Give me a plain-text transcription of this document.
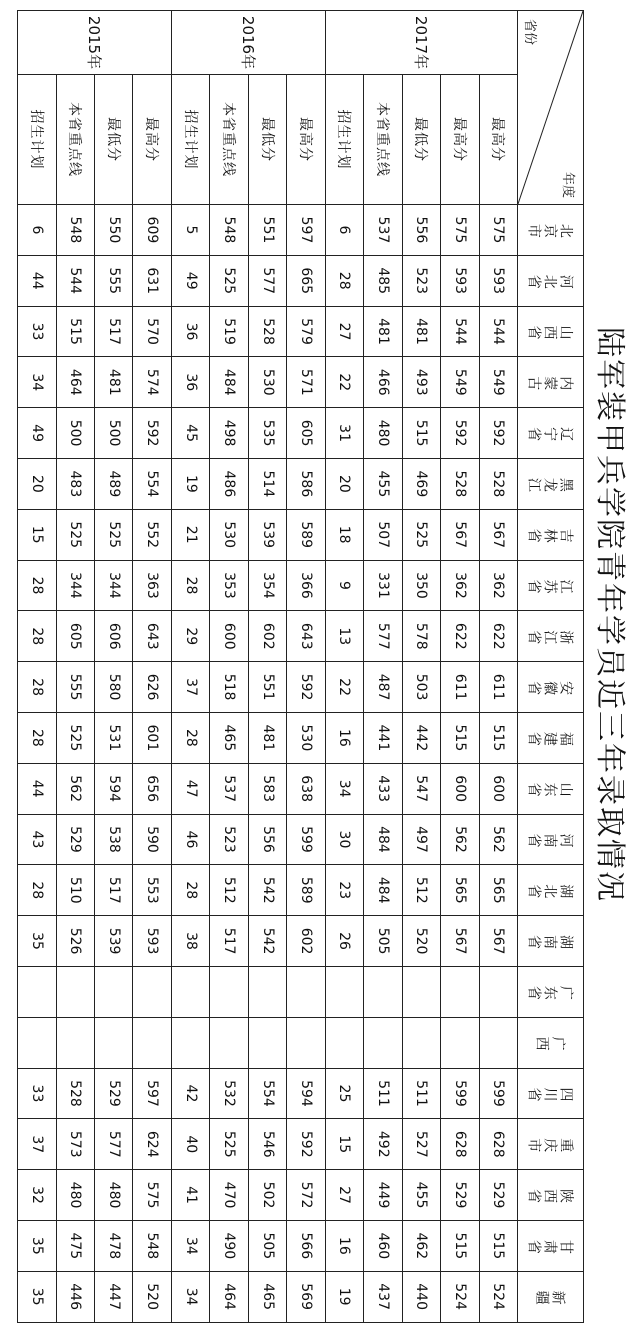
陆军装甲兵学院青年学员近三年录取情况
年度
省份		北京市	河北省	山西省	内蒙古	辽宁省	黑龙江	吉林省	江苏省	浙江省	安徽省	福建省	山东省	河南省	湖北省	湖南省	广东省	广西	四川省	重庆市	陕西省	甘肃省	新疆

2017年	最高分	575	593	544	549	592	528	567	362	622	611	515	600	562	565	567			599	628	529	515	524
	最高分	575	593	544	549	592	528	567	362	622	611	515	600	562	565	567			599	628	529	515	524
	最低分	556	523	481	493	515	469	525	350	578	503	442	547	497	512	520			511	527	455	462	440
	本省重点线	537	485	481	466	480	455	507	331	577	487	441	433	484	484	505			511	492	449	460	437
	招生计划	6	28	27	22	31	20	18	9	13	22	16	34	30	23	26			25	15	27	16	19
2016年	最高分	597	665	579	571	605	586	589	366	643	592	530	638	599	589	602			594	592	572	566	569
	最低分	551	577	528	530	535	514	539	354	602	551	481	583	556	542	542			554	546	502	505	465
	本省重点线	548	525	519	484	498	486	530	353	600	518	465	537	523	512	517			532	525	470	490	464
	招生计划	5	49	36	36	45	19	21	28	29	37	28	47	46	28	38			42	40	41	34	34
2015年	最高分	609	631	570	574	592	554	552	363	643	626	601	656	590	553	593			597	624	575	548	520
	最低分	550	555	517	481	500	489	525	344	606	580	531	594	538	517	539			529	577	480	478	447
	本省重点线	548	544	515	464	500	483	525	344	605	555	525	562	529	510	526			528	573	480	475	446
	招生计划	6	44	33	34	49	20	15	28	28	28	28	44	43	28	35			33	37	32	35	35
